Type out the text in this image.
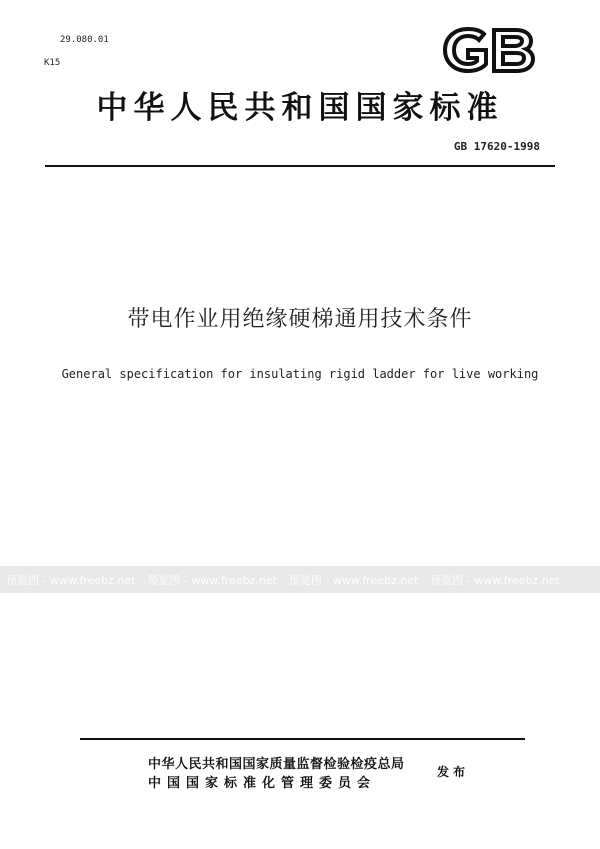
29.080.01
K15
中华人民共和国国家标准
GB 17620-1998
带电作业用绝缘硬梯通用技术条件
General specification for insulating rigid ladder for live working
预览图 - www.freebz.net 预览图 - www.freebz.net 预览图 - www.freebz.net 预览图 - www.freebz.net
中华人民共和国国家质量监督检验检疫总局
中国国家标准化管理委员会
发布
